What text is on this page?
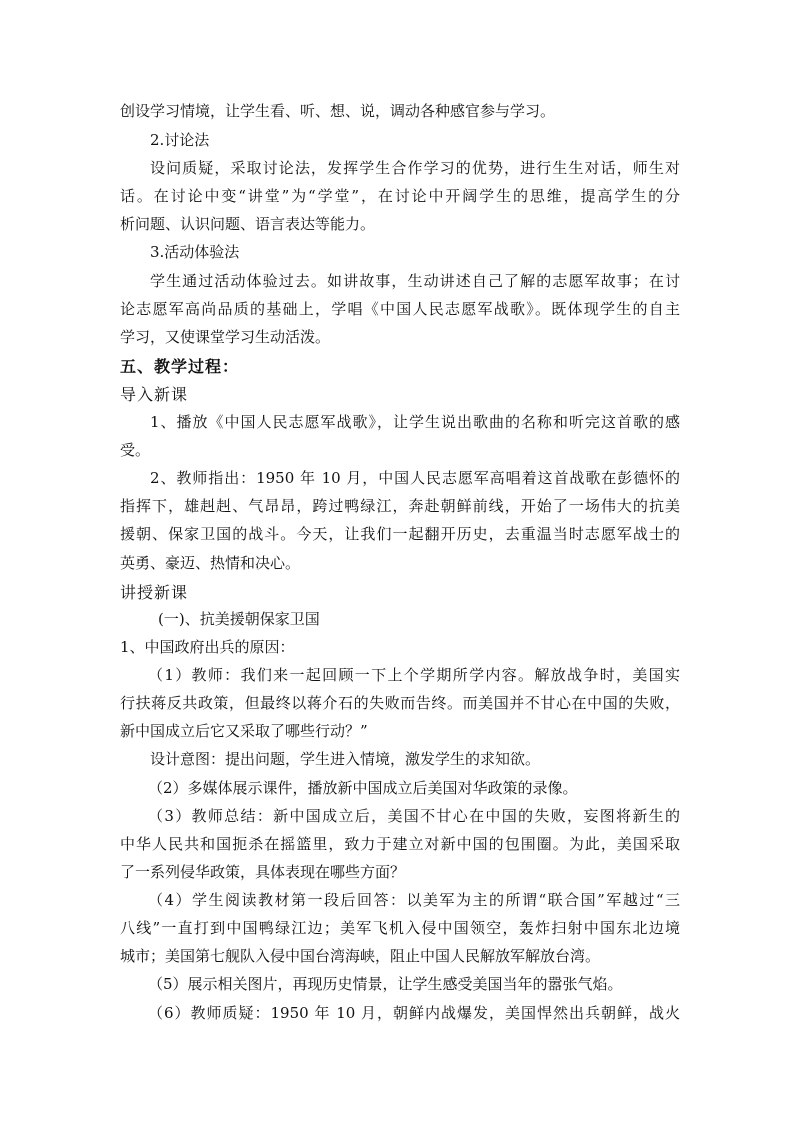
创设学习情境，让学生看、听、想、说，调动各种感官参与学习。

2.讨论法

设问质疑，采取讨论法，发挥学生合作学习的优势，进行生生对话，师生对

话。在讨论中变“讲堂”为“学堂”，在讨论中开阔学生的思维，提高学生的分

析问题、认识问题、语言表达等能力。

3.活动体验法

学生通过活动体验过去。如讲故事，生动讲述自己了解的志愿军故事；在讨

论志愿军高尚品质的基础上，学唱《中国人民志愿军战歌》。既体现学生的自主

学习，又使课堂学习生动活泼。

五、教学过程：

导入新课

1、播放《中国人民志愿军战歌》，让学生说出歌曲的名称和听完这首歌的感

受。

2、教师指出：1950 年 10 月，中国人民志愿军高唱着这首战歌在彭德怀的

指挥下，雄赳赳、气昂昂，跨过鸭绿江，奔赴朝鲜前线，开始了一场伟大的抗美

援朝、保家卫国的战斗。今天，让我们一起翻开历史，去重温当时志愿军战士的

英勇、豪迈、热情和决心。

讲授新课

(一)、抗美援朝保家卫国

1、中国政府出兵的原因：

（1）教师：我们来一起回顾一下上个学期所学内容。解放战争时，美国实

行扶蒋反共政策，但最终以蒋介石的失败而告终。而美国并不甘心在中国的失败，

新中国成立后它又采取了哪些行动？”

设计意图：提出问题，学生进入情境，激发学生的求知欲。

（2）多媒体展示课件，播放新中国成立后美国对华政策的录像。

（3）教师总结：新中国成立后，美国不甘心在中国的失败，妄图将新生的

中华人民共和国扼杀在摇篮里，致力于建立对新中国的包围圈。为此，美国采取

了一系列侵华政策，具体表现在哪些方面？

（4）学生阅读教材第一段后回答：以美军为主的所谓“联合国”军越过“三

八线”一直打到中国鸭绿江边；美军飞机入侵中国领空，轰炸扫射中国东北边境

城市；美国第七舰队入侵中国台湾海峡，阻止中国人民解放军解放台湾。

（5）展示相关图片，再现历史情景，让学生感受美国当年的嚣张气焰。

（6）教师质疑：1950 年 10 月，朝鲜内战爆发，美国悍然出兵朝鲜，战火
